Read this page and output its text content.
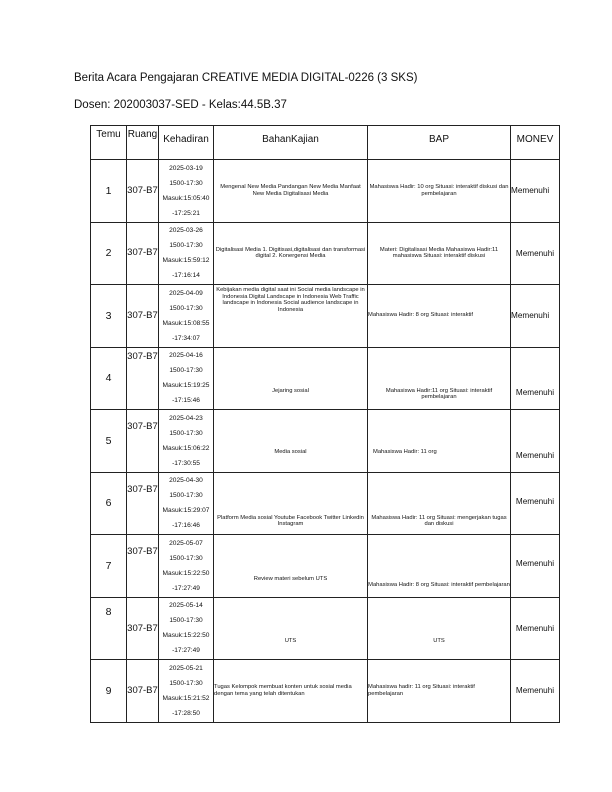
Berita Acara Pengajaran CREATIVE MEDIA DIGITAL-0226 (3 SKS)
Dosen: 202003037-SED - Kelas:44.5B.37
Temu	Ruang	Kehadiran	BahanKajian	BAP	MONEV

1	307-B7	2025-03-19
1500-17:30
Masuk:15:05:40
-17:25:21	Mengenal New Media Pandangan New Media Manfaat New Media Digitalisasi Media	Mahasiswa Hadir: 10 org Situasi: interaktif diskusi dan pembelajaran	Memenuhi
2	307-B7	2025-03-26
1500-17:30
Masuk:15:59:12
-17:16:14	Digitalisasi Media 1. Digitisasi,digitalisasi dan transformasi digital 2. Konergensi Media	Materi: Digitalisasi Media Mahasiswa Hadir:11 mahasiswa Situasi: interaktif diskusi	Memenuhi
3	307-B7	2025-04-09
1500-17:30
Masuk:15:08:55
-17:34:07	Kebijakan media digital saat ini Social media landscape in Indonesia Digital Landscape in Indonesia Web Traffic landscape in Indonesia Social audience landscape in Indonesia	Mahasiswa Hadir: 8 org Situasi: interaktif	Memenuhi
4	307-B7	2025-04-16
1500-17:30
Masuk:15:19:25
-17:15:46	Jejaring sosial	Mahasiswa Hadir:11 org Situasi: interaktif pembelajaran	Memenuhi
5	307-B7	2025-04-23
1500-17:30
Masuk:15:06:22
-17:30:55	Media sosial	Mahasiswa Hadir: 11 org	Memenuhi
6	307-B7	2025-04-30
1500-17:30
Masuk:15:29:07
-17:16:46	Platform Media sosial Youtube Facebook Twitter Linkedin Instagram	Mahasiswa Hadir: 11 org Situasi: mengerjakan tugas dan diskusi	Memenuhi
7	307-B7	2025-05-07
1500-17:30
Masuk:15:22:50
-17:27:49	Review materi sebelum UTS	Mahasiswa Hadir: 8 org Situasi: interaktif pembelajaran	Memenuhi
8	307-B7	2025-05-14
1500-17:30
Masuk:15:22:50
-17:27:49	UTS	UTS	Memenuhi
9	307-B7	2025-05-21
1500-17:30
Masuk:15:21:52
-17:28:50	Tugas Kelompok membuat konten untuk sosial media dengan tema yang telah ditentukan	Mahasiswa hadir: 11 org Situasi: interaktif pembelajaran	Memenuhi
